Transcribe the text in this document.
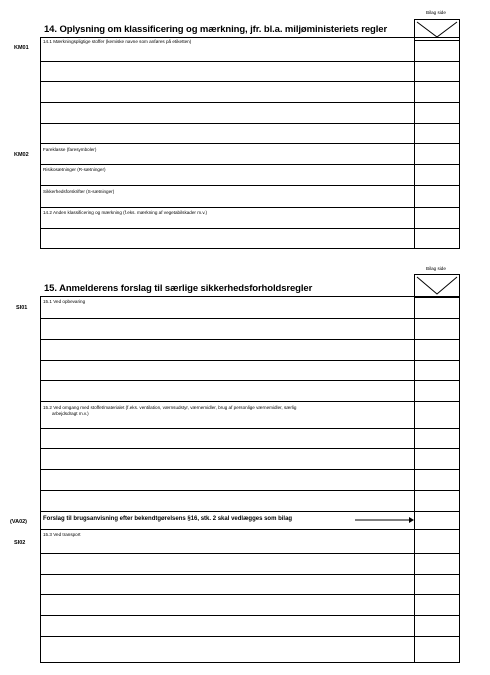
Bilag side
14. Oplysning om klassificering og mærkning, jfr. bl.a. miljøministeriets regler
KM01
KM02
14.1 Mærkningspligtige stoffer (kemiske navne som anføres på etiketten)
Fareklasse (faresymboler)
Risikosætninger (R-sætninger)
Sikkerhedsforskrifter (S-sætninger)
14.2 Anden klassificering og mærkning (f.eks. mærkning af vegetabilskader m.v.)
Bilag side
15. Anmelderens forslag til særlige sikkerhedsforholdsregler
SI01
(VA02)
SI02
15.1 Ved opbevaring
15.2 Ved omgang med stoffet/materialet (f.eks. ventilation, værnsudstyr, værnemidler, brug af personlige værnemidler, særlig
arbejdsdragt m.v.)
15.3 Ved transport
Forslag til brugsanvisning efter bekendtgørelsens §16, stk. 2 skal vedlægges som bilag
